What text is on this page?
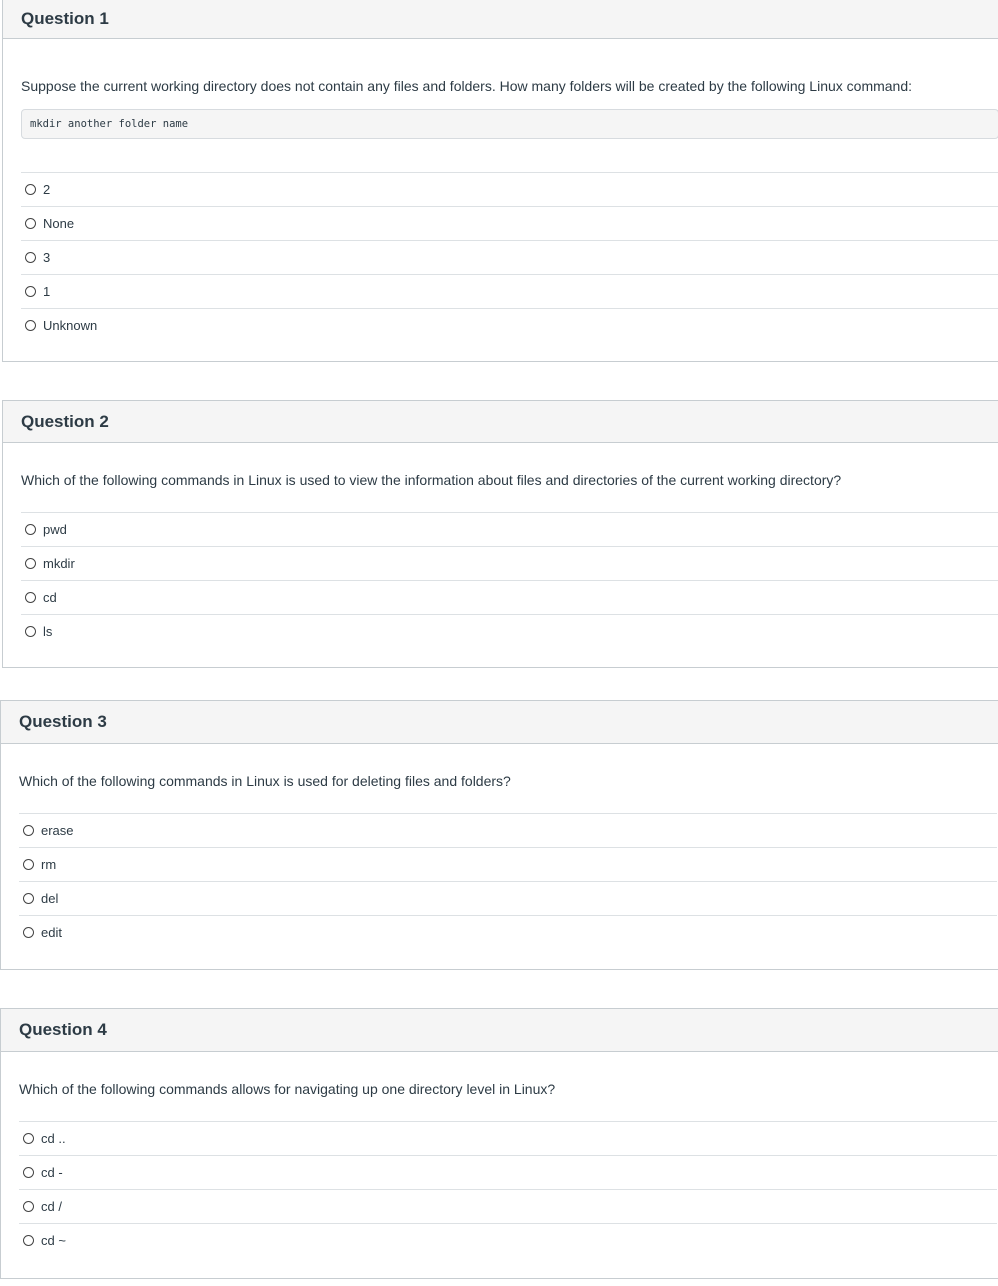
Question 1
Suppose the current working directory does not contain any files and folders. How many folders will be created by the following Linux command:
mkdir another folder name
2
None
3
1
Unknown
Question 2
Which of the following commands in Linux is used to view the information about files and directories of the current working directory?
pwd
mkdir
cd
ls
Question 3
Which of the following commands in Linux is used for deleting files and folders?
erase
rm
del
edit
Question 4
Which of the following commands allows for navigating up one directory level in Linux?
cd ..
cd -
cd /
cd ~
